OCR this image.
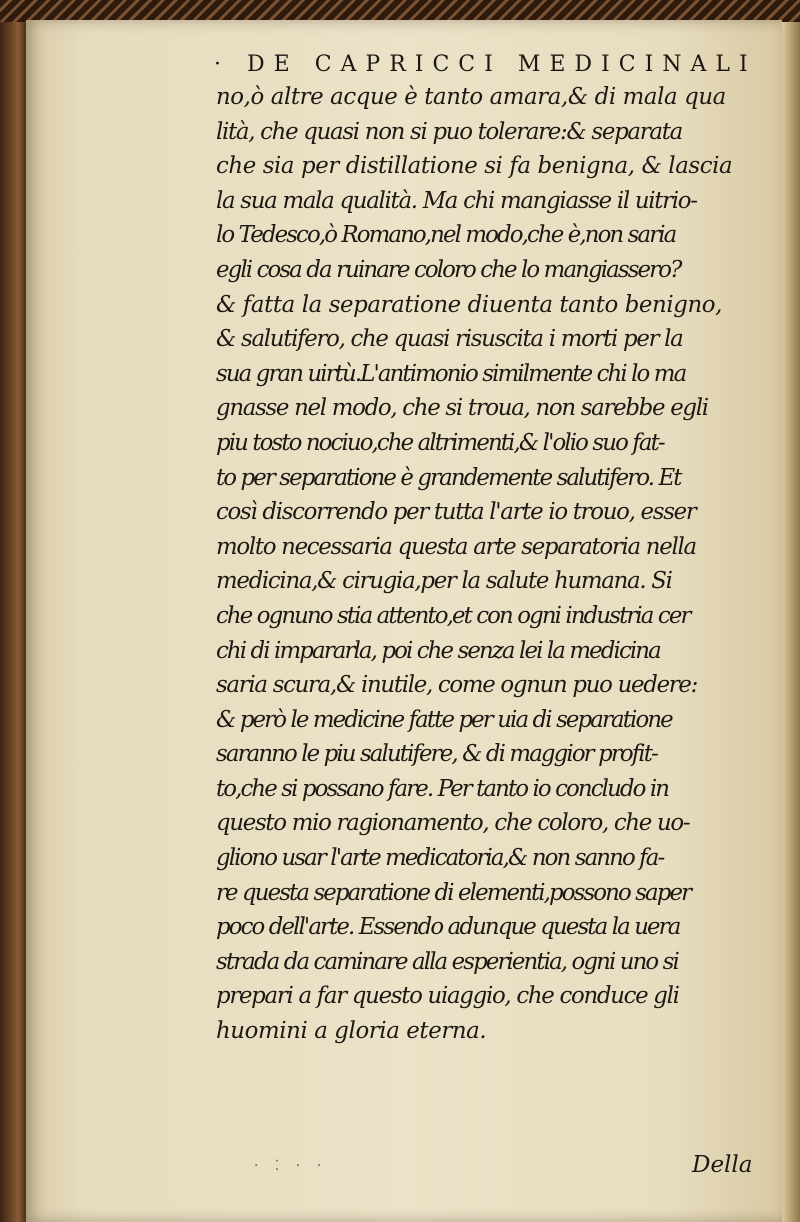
· DE CAPRICCI MEDICINALI
no,ò altre acque è tanto amara,& di mala qua
lità, che quasi non si puo tolerare:& separata
che sia per distillatione si fa benigna, & lascia
la sua mala qualità. Ma chi mangiasse il uitrio-
lo Tedesco,ò Romano,nel modo,che è,non saria
egli cosa da ruinare coloro che lo mangiassero?
& fatta la separatione diuenta tanto benigno,
& salutifero, che quasi risuscita i morti per la
sua gran uirtù.L'antimonio similmente chi lo ma
gnasse nel modo, che si troua, non sarebbe egli
piu tosto nociuo,che altrimenti,& l'olio suo fat-
to per separatione è grandemente salutifero. Et
così discorrendo per tutta l'arte io trouo, esser
molto necessaria questa arte separatoria nella
medicina,& cirugia,per la salute humana. Si
che ognuno stia attento,et con ogni industria cer
chi di impararla, poi che senza lei la medicina
saria scura,& inutile, come ognun puo uedere:
& però le medicine fatte per uia di separatione
saranno le piu salutifere, & di maggior profit-
to,che si possano fare. Per tanto io concludo in
questo mio ragionamento, che coloro, che uo-
gliono usar l'arte medicatoria,& non sanno fa-
re questa separatione di elementi,possono saper
poco dell'arte. Essendo adunque questa la uera
strada da caminare alla esperientia, ogni uno si
prepari a far questo uiaggio, che conduce gli
huomini a gloria eterna.
· ⁚ · ·	Della
